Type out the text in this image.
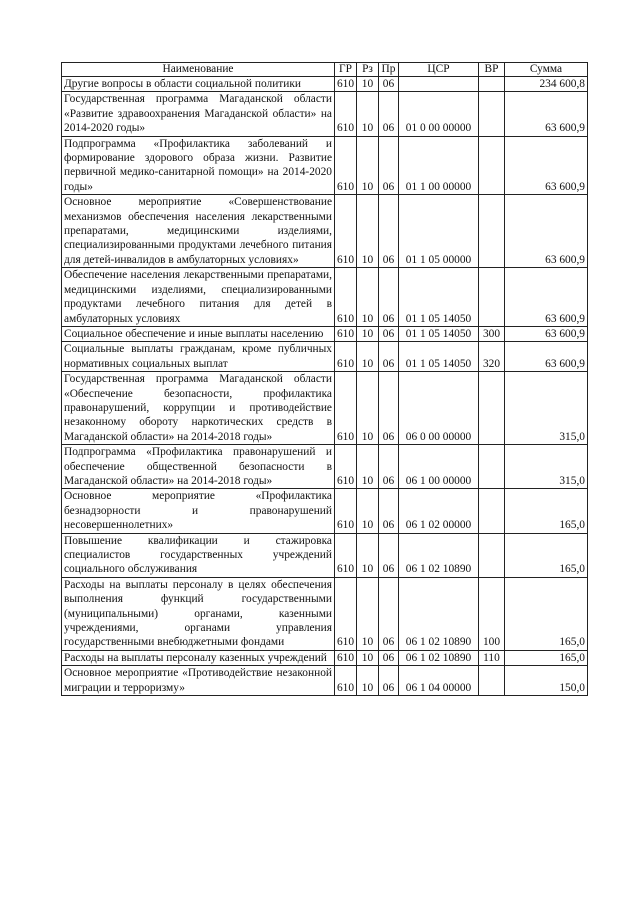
Наименование	ГР	Рз	Пр	ЦСР	ВР	Сумма
Другие вопросы в области социальной политики	610	10	06			234 600,8
Государственная программа Магаданской области «Развитие здравоохранения Магаданской области» на 2014-2020 годы»	610	10	06	01 0 00 00000		63 600,9
Подпрограмма «Профилактика заболеваний и формирование здорового образа жизни. Развитие первичной медико-санитарной помощи» на 2014-2020 годы»	610	10	06	01 1 00 00000		63 600,9
Основное мероприятие «Совершенствование механизмов обеспечения населения лекарственными препаратами, медицинскими изделиями, специализированными продуктами лечебного питания для детей-инвалидов в амбулаторных условиях»	610	10	06	01 1 05 00000		63 600,9
Обеспечение населения лекарственными препаратами, медицинскими изделиями, специализированными продуктами лечебного питания для детей в амбулаторных условиях	610	10	06	01 1 05 14050		63 600,9
Социальное обеспечение и иные выплаты населению	610	10	06	01 1 05 14050	300	63 600,9
Социальные выплаты гражданам, кроме публичных нормативных социальных выплат	610	10	06	01 1 05 14050	320	63 600,9
Государственная программа Магаданской области «Обеспечение безопасности, профилактика правонарушений, коррупции и противодействие незаконному обороту наркотических средств в Магаданской области» на 2014-2018 годы»	610	10	06	06 0 00 00000		315,0
Подпрограмма «Профилактика правонарушений и обеспечение общественной безопасности в Магаданской области» на 2014-2018 годы»	610	10	06	06 1 00 00000		315,0
Основное мероприятие «Профилактика безнадзорности и правонарушений несовершеннолетних»	610	10	06	06 1 02 00000		165,0
Повышение квалификации и стажировка специалистов государственных учреждений социального обслуживания	610	10	06	06 1 02 10890		165,0
Расходы на выплаты персоналу в целях обеспечения выполнения функций государственными (муниципальными) органами, казенными учреждениями, органами управления государственными внебюджетными фондами	610	10	06	06 1 02 10890	100	165,0
Расходы на выплаты персоналу казенных учреждений	610	10	06	06 1 02 10890	110	165,0
Основное мероприятие «Противодействие незаконной миграции и терроризму»	610	10	06	06 1 04 00000		150,0
